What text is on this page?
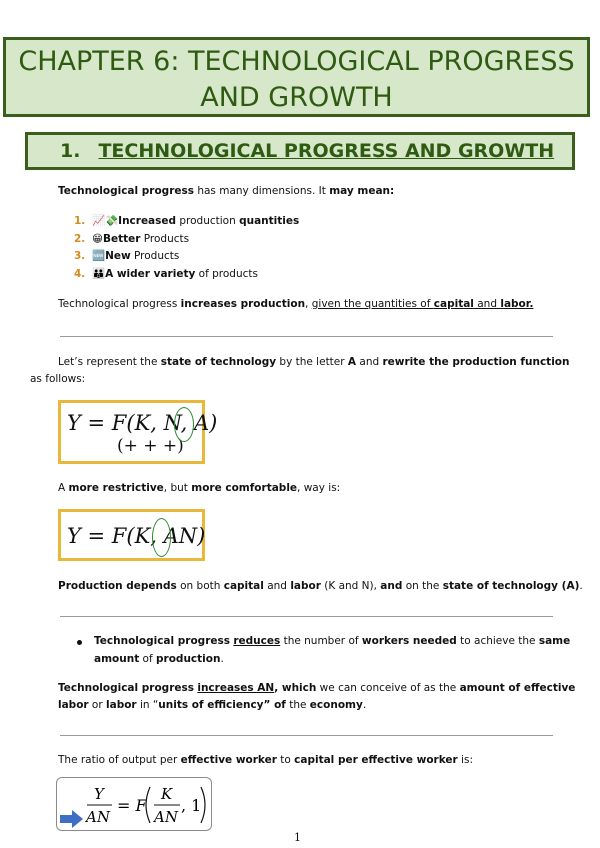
CHAPTER 6: TECHNOLOGICAL PROGRESS
AND GROWTH
1. TECHNOLOGICAL PROGRESS AND GROWTH
Technological progress has many dimensions. It may mean:
1. 📈💸Increased production quantities
2. 😁Better Products
3. 🆕New Products
4. 👪A wider variety of products
Technological progress increases production, given the quantities of capital and labor.
Let’s represent the state of technology by the letter A and rewrite the production function
as follows:
Y = F(K, N, A)
(+ + +)
A more restrictive, but more comfortable, way is:
Y = F(K, AN)
Production depends on both capital and labor (K and N), and on the state of technology (A).
Technological progress reduces the number of workers needed to achieve the same
amount of production.
Technological progress increases AN, which we can conceive of as the amount of effective
labor or labor in “units of efficiency” of the economy.
The ratio of output per effective worker to capital per effective worker is:
Y
AN
= F
K
AN
, 1
1
